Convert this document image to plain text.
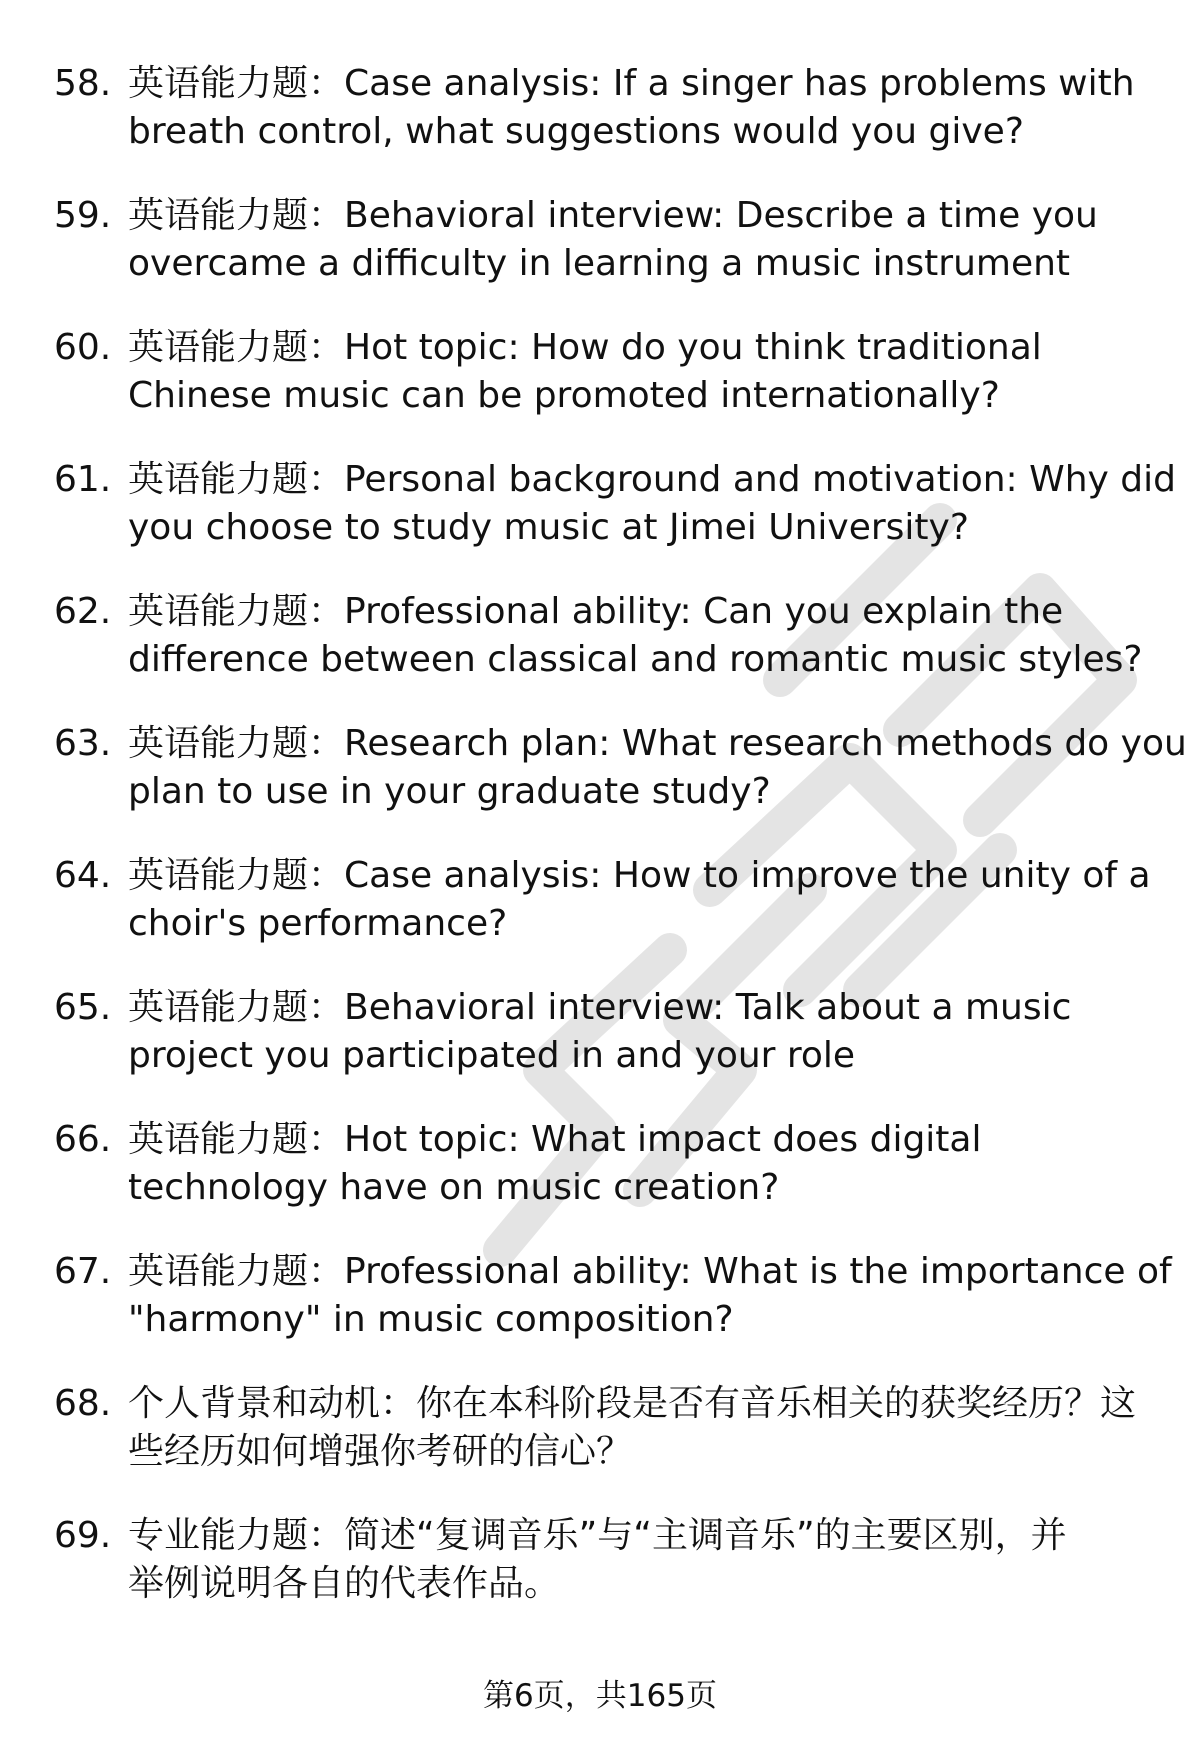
58. 英语能力题：Case analysis: If a singer has problems with
breath control, what suggestions would you give?
59. 英语能力题：Behavioral interview: Describe a time you
overcame a difficulty in learning a music instrument
60. 英语能力题：Hot topic: How do you think traditional
Chinese music can be promoted internationally?
61. 英语能力题：Personal background and motivation: Why did
you choose to study music at Jimei University?
62. 英语能力题：Professional ability: Can you explain the
difference between classical and romantic music styles?
63. 英语能力题：Research plan: What research methods do you
plan to use in your graduate study?
64. 英语能力题：Case analysis: How to improve the unity of a
choir's performance?
65. 英语能力题：Behavioral interview: Talk about a music
project you participated in and your role
66. 英语能力题：Hot topic: What impact does digital
technology have on music creation?
67. 英语能力题：Professional ability: What is the importance of
"harmony" in music composition?
68. 个人背景和动机：你在本科阶段是否有音乐相关的获奖经历？这
些经历如何增强你考研的信心？
69. 专业能力题：简述“复调音乐”与“主调音乐”的主要区别，并
举例说明各自的代表作品。
第6页，共165页
